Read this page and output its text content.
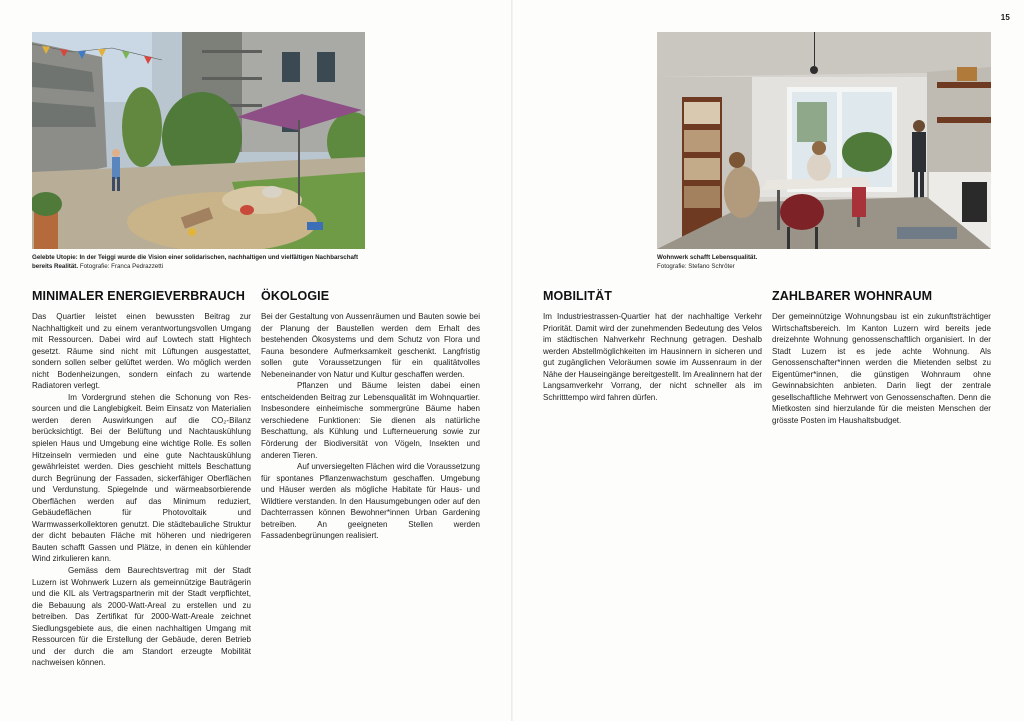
15
Gelebte Utopie: In der Teiggi wurde die Vision einer solidarischen, nachhaltigen und vielfältigen Nachbarschaft bereits Realität. Fotografie: Franca Pedrazzetti
Wohnwerk schafft Lebensqualität.
Fotografie: Stefano Schröter
MINIMALER ENERGIEVERBRAUCH ÖKOLOGIE	MOBILITÄT	ZAHLBARER WOHNRAUM

Das Quartier leistet einen bewussten Beitrag zur Nachhaltigkeit und zu einem verantwortungsvollen Umgang mit Ressourcen. Dabei wird auf Lowtech statt Hightech gesetzt. Räume sind nicht mit Lüftungen ausgestattet, sondern sollen selber gelüftet werden. Wo möglich werden nicht Bodenheizungen, sondern einfach zu wartende Radiatoren verlegt.

Im Vordergrund stehen die Schonung von Ressourcen und die Langlebigkeit. Beim Einsatz von Materialien werden deren Auswirkungen auf die CO₂-Bilanz berücksichtigt. Bei der Belüftung und Nachtauskühlung spielen Haus und Umgebung eine wichtige Rolle. Es sollen Hitzeinseln vermieden und eine gute Nachtauskühlung gewährleistet werden. Dies geschieht mittels Beschattung durch Begrünung der Fassaden, sickerfähiger Oberflächen und Verdunstung. Spiegelnde und wärmeabsorbierende Oberflächen werden auf das Minimum reduziert, Gebäudeflächen für Photovoltaik und Warmwasserkollektoren genutzt. Die städtebauliche Struktur der dicht bebauten Fläche mit höheren und niedrigeren Bauten schafft Gassen und Plätze, in denen ein kühlender Wind zirkulieren kann.

Gemäss dem Baurechtsvertrag mit der Stadt Luzern ist Wohnwerk Luzern als gemeinnützige Bauträgerin und die KIL als Vertragspartnerin mit der Stadt verpflichtet, die Bebauung als 2000-Watt-Areal zu erstellen und zu betreiben. Das Zertifikat für 2000-Watt-Areale zeichnet Siedlungsgebiete aus, die einen nachhaltigen Umgang mit Ressourcen für die Erstellung der Gebäude, deren Betrieb und der durch die am Standort erzeugte Mobilität nachweisen können.

Bei der Gestaltung von Aussenräumen und Bauten sowie bei der Planung der Baustellen werden dem Erhalt des bestehenden Ökosystems und dem Schutz von Flora und Fauna besondere Aufmerksamkeit geschenkt. Langfristig sollen gute Voraussetzungen für ein qualitätvolles Nebeneinander von Natur und Kultur geschaffen werden.

Pflanzen und Bäume leisten dabei einen entscheidenden Beitrag zur Lebensqualität im Wohnquartier. Insbesondere einheimische sommergrüne Bäume haben verschiedene Funktionen: Sie dienen als natürliche Beschattung, als Kühlung und Lufterneuerung sowie zur Förderung der Biodiversität von Vögeln, Insekten und anderen Tieren.

Auf unversiegelten Flächen wird die Voraussetzung für spontanes Pflanzenwachstum geschaffen. Umgebung und Häuser werden als mögliche Habitate für Haus- und Wildtiere verstanden. In den Hausumgebungen oder auf den Dachterrassen können Bewohner*innen Urban Gardening betreiben. An geeigneten Stellen werden Fassadenbegrünungen realisiert.

Im Industriestrassen-Quartier hat der nachhaltige Verkehr Priorität. Damit wird der zunehmenden Bedeutung des Velos im städtischen Nahverkehr Rechnung getragen. Deshalb werden Abstellmöglichkeiten im Hausinnern in sicheren und gut zugänglichen Veloräumen sowie im Aussenraum in der Nähe der Hauseingänge bereitgestellt. Im Arealinnern hat der Langsamverkehr Vorrang, der nicht schneller als im Schritttempo wird fahren dürfen.

Der gemeinnützige Wohnungsbau ist ein zukunftsträchtiger Wirtschaftsbereich. Im Kanton Luzern wird bereits jede dreizehnte Wohnung genossenschaftlich organisiert. In der Stadt Luzern ist es jede achte Wohnung. Als Genossenschafter*innen werden die Mietenden selbst zu Eigentümer*innen, die günstigen Wohnraum ohne Gewinnabsichten anbieten. Darin liegt der zentrale gesellschaftliche Mehrwert von Genossenschaften. Denn die Mietkosten sind hierzulande für die meisten Menschen der grösste Posten im Haushaltsbudget.
